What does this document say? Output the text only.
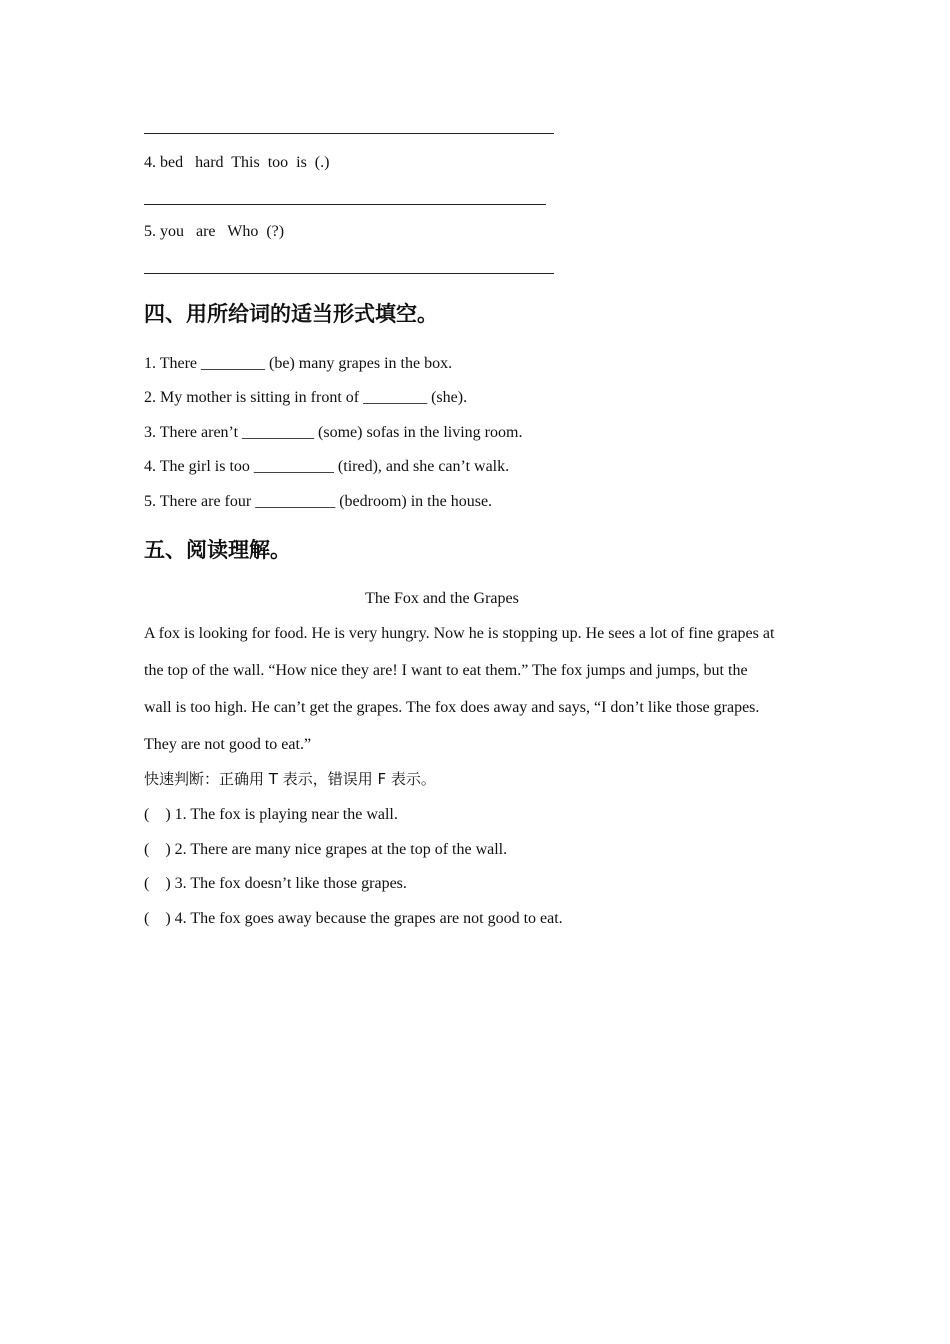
4. bed   hard  This  too  is  (.)
5. you   are   Who  (?)
四、用所给词的适当形式填空。
1. There ________ (be) many grapes in the box.
2. My mother is sitting in front of ________ (she).
3. There aren’t _________ (some) sofas in the living room.
4. The girl is too __________ (tired), and she can’t walk.
5. There are four __________ (bedroom) in the house.
五、阅读理解。
The Fox and the Grapes
A fox is looking for food. He is very hungry. Now he is stopping up. He sees a lot of fine grapes at
the top of the wall. “How nice they are! I want to eat them.” The fox jumps and jumps, but the
wall is too high. He can’t get the grapes. The fox does away and says, “I don’t like those grapes.
They are not good to eat.”
快速判断：正确用 T 表示，错误用 F 表示。
(    ) 1. The fox is playing near the wall.
(    ) 2. There are many nice grapes at the top of the wall.
(    ) 3. The fox doesn’t like those grapes.
(    ) 4. The fox goes away because the grapes are not good to eat.
